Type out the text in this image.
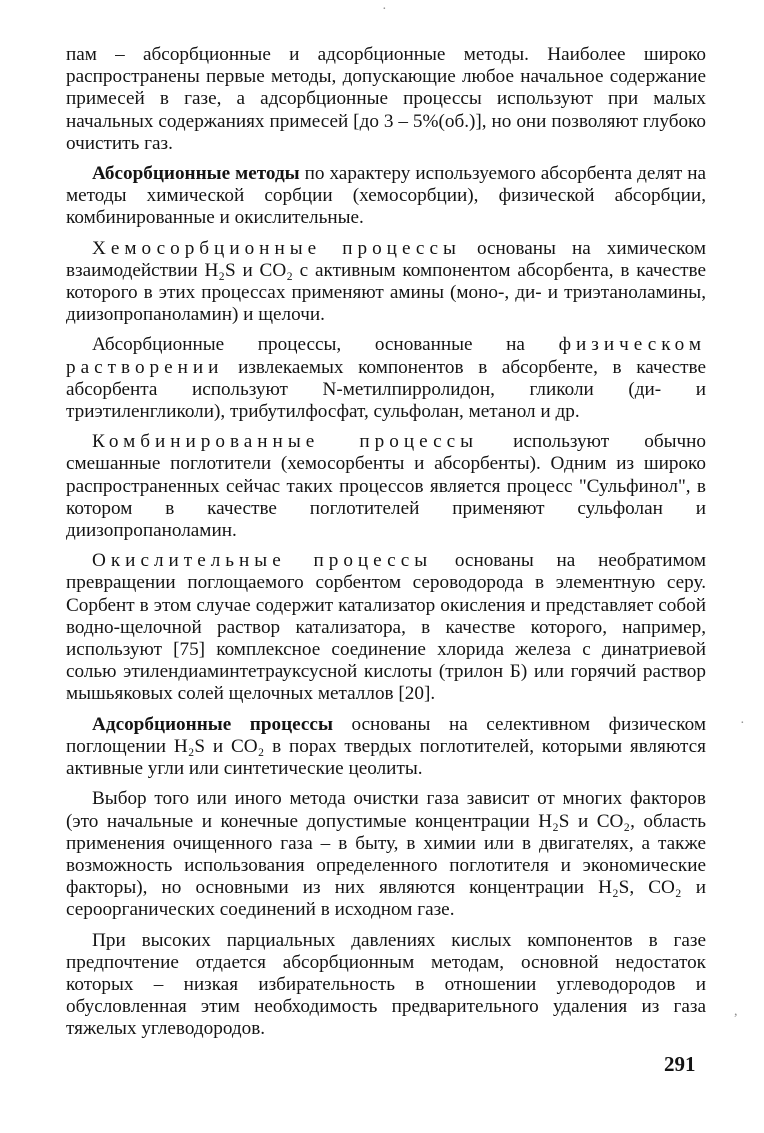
·
·
,

пам – абсорбционные и адсорбционные методы. Наиболее широко распространены первые методы, допускающие любое начальное содержание примесей в газе, а адсорбционные процессы используют при малых начальных содержаниях примесей [до 3 – 5%(об.)], но они позволяют глубоко очистить газ.

Абсорбционные методы по характеру используемого абсорбента делят на методы химической сорбции (хемосорбции), физической абсорбции, комбинированные и окислительные.

Хемосорбционные процессы основаны на химическом взаимодействии H₂S и CO₂ с активным компонентом абсорбента, в качестве которого в этих процессах применяют амины (моно-, ди- и триэтаноламины, диизопропаноламин) и щелочи.

Абсорбционные процессы, основанные на физическом растворении извлекаемых компонентов в абсорбенте, в качестве абсорбента используют N-метилпирролидон, гликоли (ди- и триэтиленгликоли), трибутилфосфат, сульфолан, метанол и др.

Комбинированные процессы используют обычно смешанные поглотители (хемосорбенты и абсорбенты). Одним из широко распространенных сейчас таких процессов является процесс "Сульфинол", в котором в качестве поглотителей применяют сульфолан и диизопропаноламин.

Окислительные процессы основаны на необратимом превращении поглощаемого сорбентом сероводорода в элементную серу. Сорбент в этом случае содержит катализатор окисления и представляет собой водно-щелочной раствор катализатора, в качестве которого, например, используют [75] комплексное соединение хлорида железа с динатриевой солью этилендиаминтетрауксусной кислоты (трилон Б) или горячий раствор мышьяковых солей щелочных металлов [20].

Адсорбционные процессы основаны на селективном физическом поглощении H₂S и CO₂ в порах твердых поглотителей, которыми являются активные угли или синтетические цеолиты.

Выбор того или иного метода очистки газа зависит от многих факторов (это начальные и конечные допустимые концентрации H₂S и CO₂, область применения очищенного газа – в быту, в химии или в двигателях, а также возможность использования определенного поглотителя и экономические факторы), но основными из них являются концентрации H₂S, CO₂ и сероорганических соединений в исходном газе.

При высоких парциальных давлениях кислых компонентов в газе предпочтение отдается абсорбционным методам, основной недостаток которых – низкая избирательность в отношении углеводородов и обусловленная этим необходимость предварительного удаления из газа тяжелых углеводородов.

291
